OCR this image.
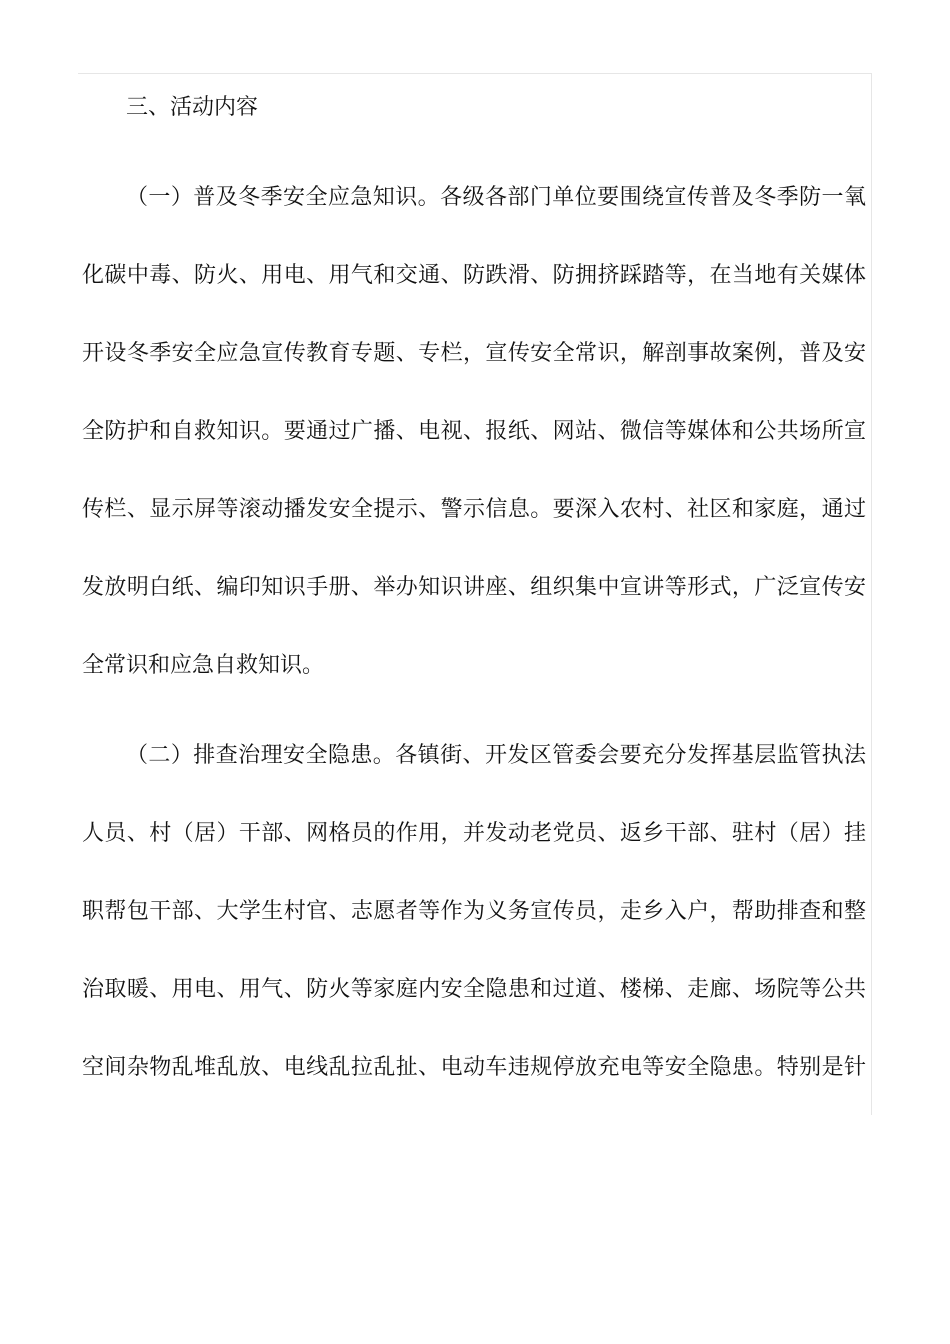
三、活动内容
（一）普及冬季安全应急知识。各级各部门单位要围绕宣传普及冬季防一氧
化碳中毒、防火、用电、用气和交通、防跌滑、防拥挤踩踏等，在当地有关媒体
开设冬季安全应急宣传教育专题、专栏，宣传安全常识，解剖事故案例，普及安
全防护和自救知识。要通过广播、电视、报纸、网站、微信等媒体和公共场所宣
传栏、显示屏等滚动播发安全提示、警示信息。要深入农村、社区和家庭，通过
发放明白纸、编印知识手册、举办知识讲座、组织集中宣讲等形式，广泛宣传安
全常识和应急自救知识。
（二）排查治理安全隐患。各镇街、开发区管委会要充分发挥基层监管执法
人员、村（居）干部、网格员的作用，并发动老党员、返乡干部、驻村（居）挂
职帮包干部、大学生村官、志愿者等作为义务宣传员，走乡入户，帮助排查和整
治取暖、用电、用气、防火等家庭内安全隐患和过道、楼梯、走廊、场院等公共
空间杂物乱堆乱放、电线乱拉乱扯、电动车违规停放充电等安全隐患。特别是针
